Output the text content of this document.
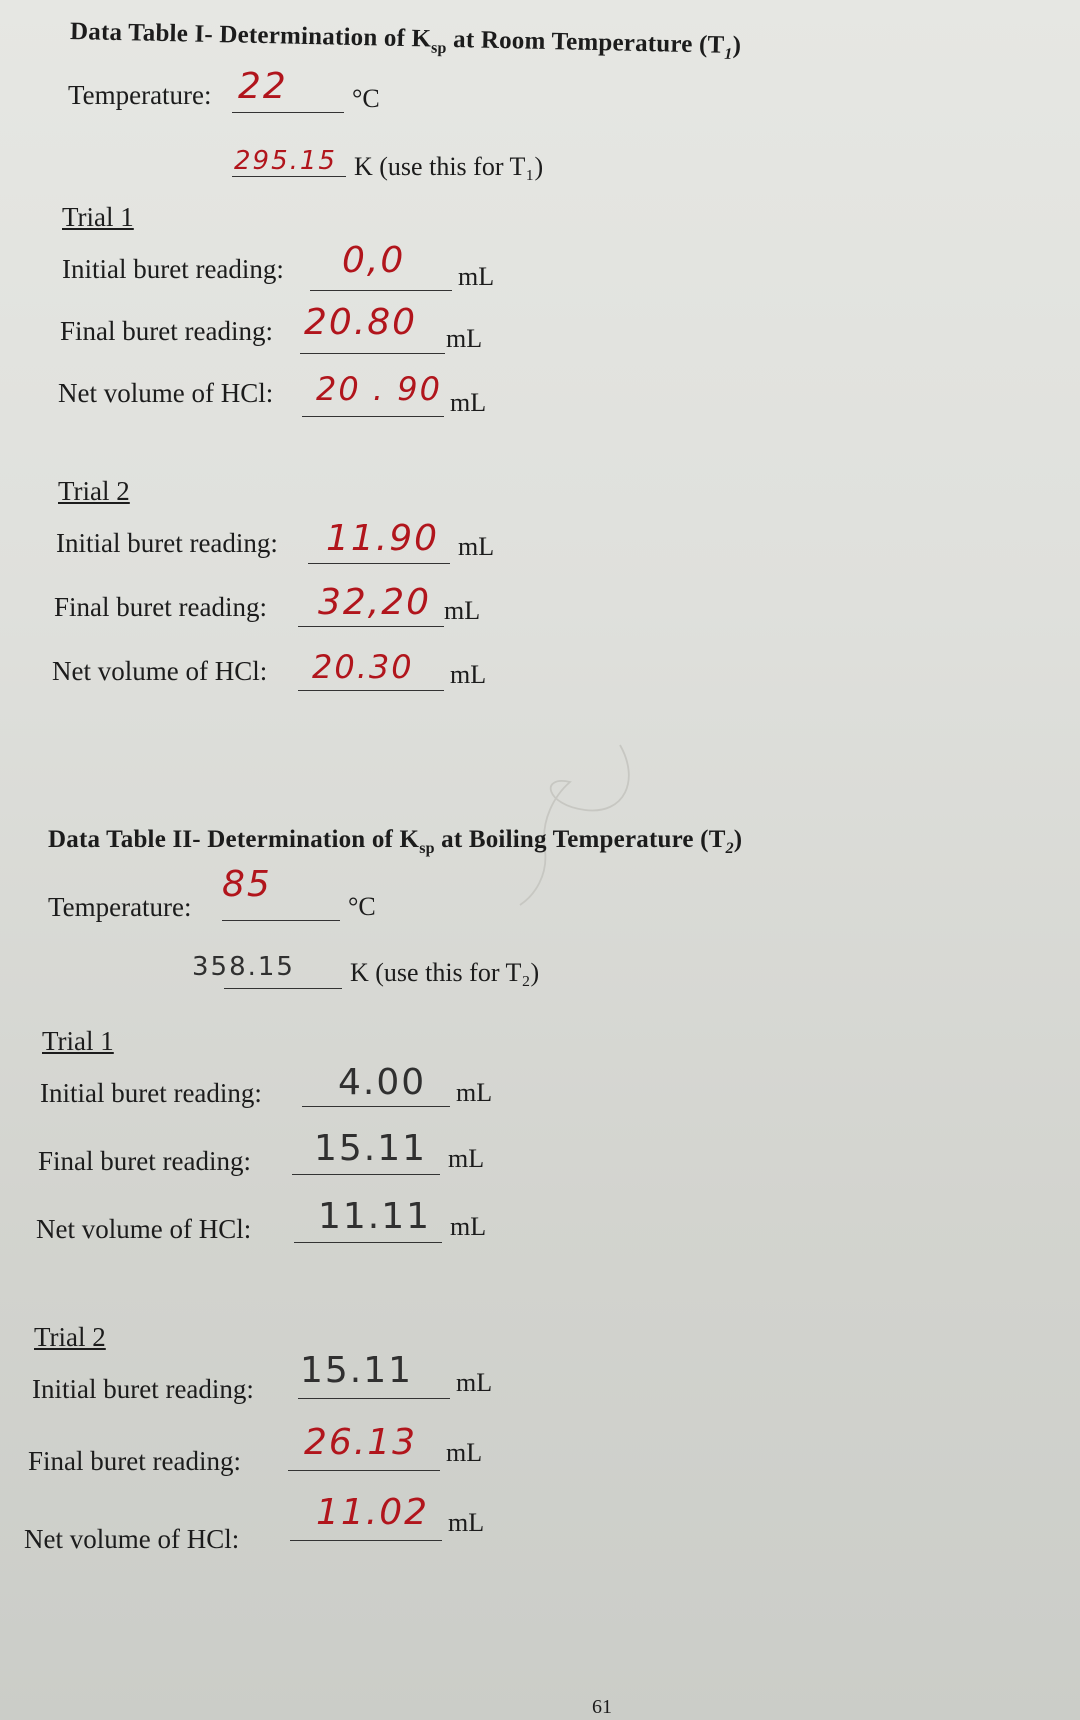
Data Table I- Determination of $K_{sp}$ at Room Temperature $(T_1)$
Temperature: 22 °C
295.15 K (use this for T₁)
Trial 1
Initial buret reading: 0,0 mL
Final buret reading: 20.80 mL
Net volume of HCl: 20 . 90 mL
Trial 2
Initial buret reading: 11.90 mL
Final buret reading: 32,20 mL
Net volume of HCl: 20.30 mL
Data Table II- Determination of $K_{sp}$ at Boiling Temperature $(T_2)$
Temperature:
85
°C
358.15 K (use this for T₂)
Trial 1
Initial buret reading: 4.00 mL
Final buret reading: 15.11 mL
Net volume of HCl: 11.11 mL
Trial 2
Initial buret reading: 15.11 mL
Final buret reading: 26.13 mL
Net volume of HCl:
11.02 mL
61
